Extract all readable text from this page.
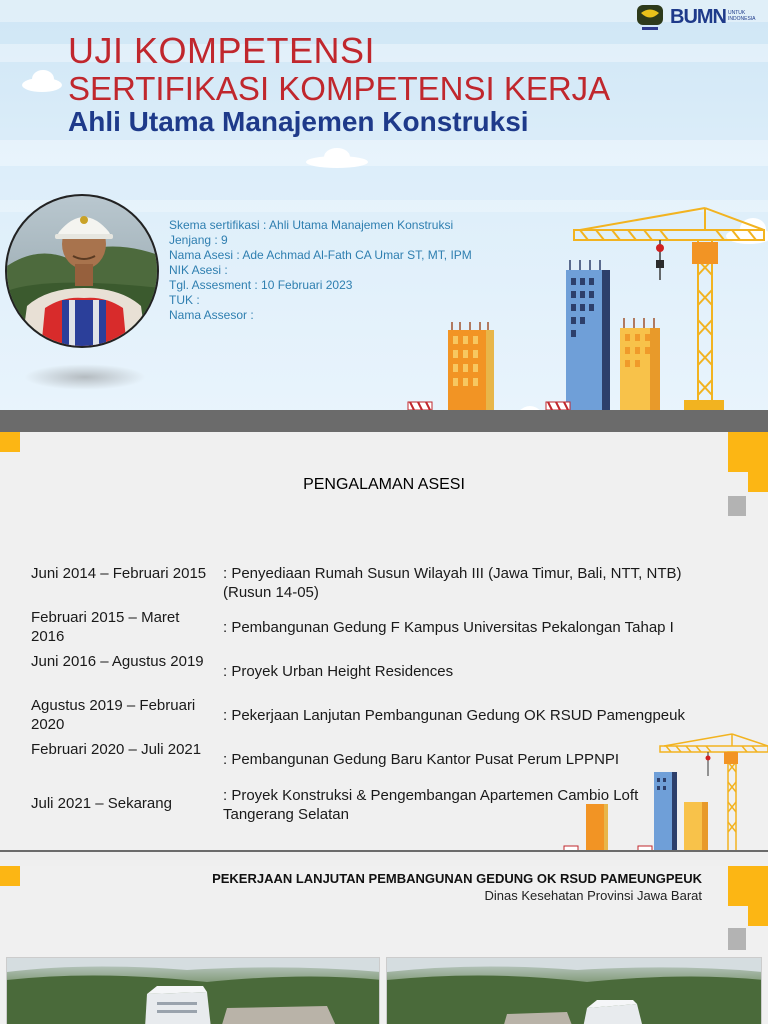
BUMN UNTUK INDONESIA
UJI KOMPETENSI
SERTIFIKASI KOMPETENSI KERJA
Ahli Utama Manajemen Konstruksi
Skema sertifikasi : Ahli Utama Manajemen Konstruksi
Jenjang : 9
Nama Asesi : Ade Achmad Al-Fath CA Umar ST, MT, IPM
NIK Asesi :
Tgl. Assesment : 10 Februari 2023
TUK :
Nama Assesor :
PENGALAMAN ASESI
Juni 2014 – Februari 2015	: Penyediaan Rumah Susun Wilayah III (Jawa Timur, Bali, NTT, NTB) (Rusun 14-05)
Februari 2015 – Maret 2016
: Pembangunan Gedung F Kampus Universitas Pekalongan Tahap I
Juni 2016 – Agustus 2019
: Proyek Urban Height Residences
Agustus 2019 – Februari 2020
: Pekerjaan Lanjutan Pembangunan Gedung OK RSUD Pamengpeuk
Februari 2020 – Juli 2021
: Pembangunan Gedung Baru Kantor Pusat Perum LPPNPI
Juli 2021 – Sekarang	: Proyek Konstruksi & Pengembangan Apartemen Cambio Loft Tangerang Selatan
PEKERJAAN LANJUTAN PEMBANGUNAN GEDUNG OK RSUD PAMEUNGPEUK
Dinas Kesehatan Provinsi Jawa Barat
